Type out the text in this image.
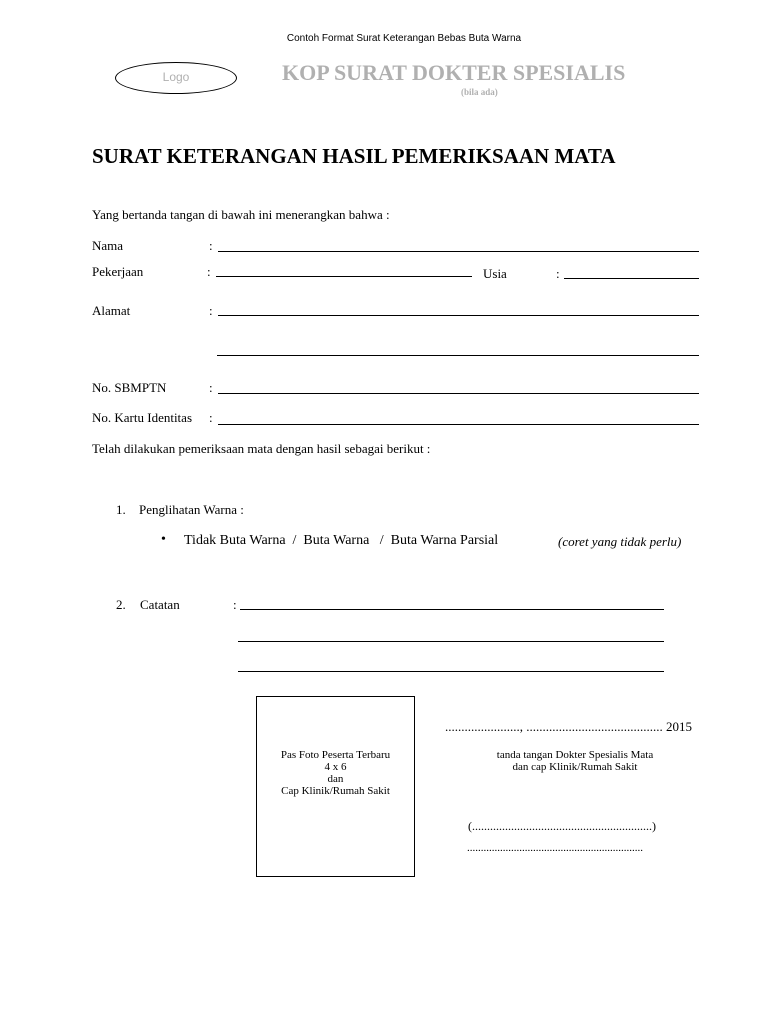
Contoh Format Surat Keterangan Bebas Buta Warna
Logo	KOP SURAT DOKTER SPESIALIS
(bila ada)
SURAT KETERANGAN HASIL PEMERIKSAAN MATA
Yang bertanda tangan di bawah ini menerangkan bahwa :
Nama	:
Pekerjaan	:	Usia	:
Alamat	:
No. SBMPTN	:
No. Kartu Identitas :
Telah dilakukan pemeriksaan mata dengan hasil sebagai berikut :
1. Penglihatan Warna :
• Tidak Buta Warna  /  Buta Warna   /  Buta Warna Parsial	(coret yang tidak perlu)
2. Catatan	:
Pas Foto Peserta Terbaru
4 x 6
dan
Cap Klinik/Rumah Sakit
......................., .......................................... 2015
tanda tangan Dokter Spesialis Mata
dan cap Klinik/Rumah Sakit
(............................................................)
................................................................
